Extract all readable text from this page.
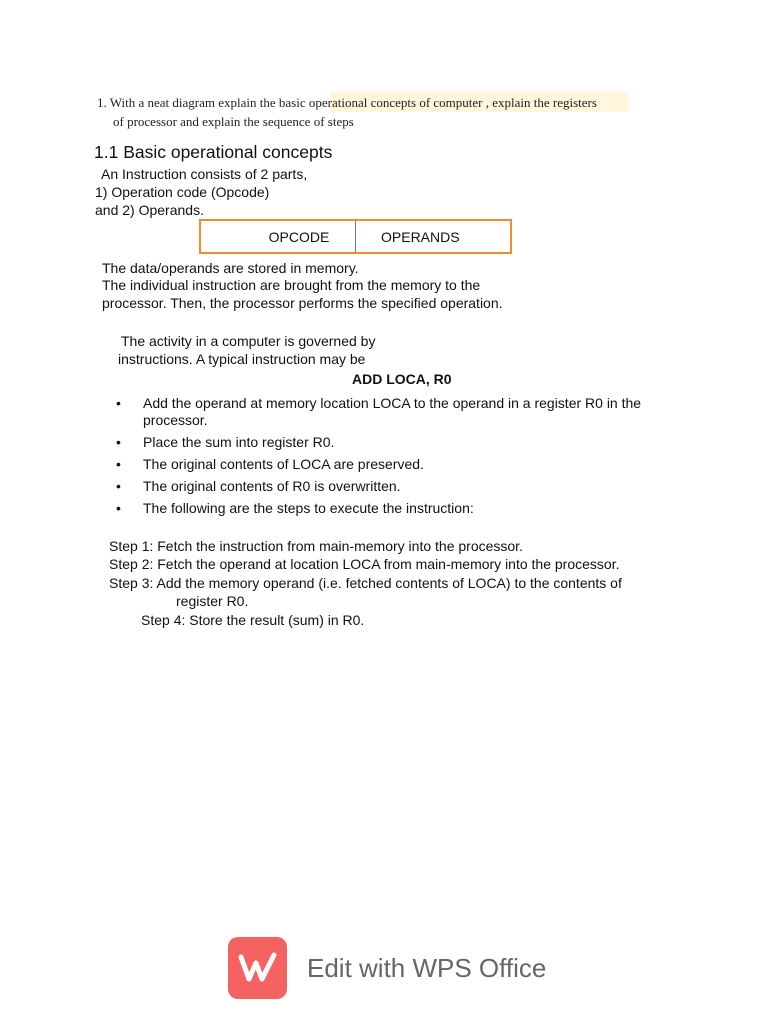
1. With a neat diagram explain the basic operational concepts of computer , explain the registers
of processor and explain the sequence of steps
1.1 Basic operational concepts
An Instruction consists of 2 parts,
1) Operation code (Opcode)
and 2) Operands.
OPCODE	OPERANDS
The data/operands are stored in memory.
The individual instruction are brought from the memory to the
processor. Then, the processor performs the specified operation.
The activity in a computer is governed by
instructions. A typical instruction may be
ADD LOCA, R0
• Add the operand at memory location LOCA to the operand in a register R0 in the processor.
• Place the sum into register R0.
• The original contents of LOCA are preserved.
• The original contents of R0 is overwritten.
• The following are the steps to execute the instruction:
Step 1: Fetch the instruction from main-memory into the processor.
Step 2: Fetch the operand at location LOCA from main-memory into the processor.
Step 3: Add the memory operand (i.e. fetched contents of LOCA) to the contents of
register R0.
Step 4: Store the result (sum) in R0.
Edit with WPS Office
